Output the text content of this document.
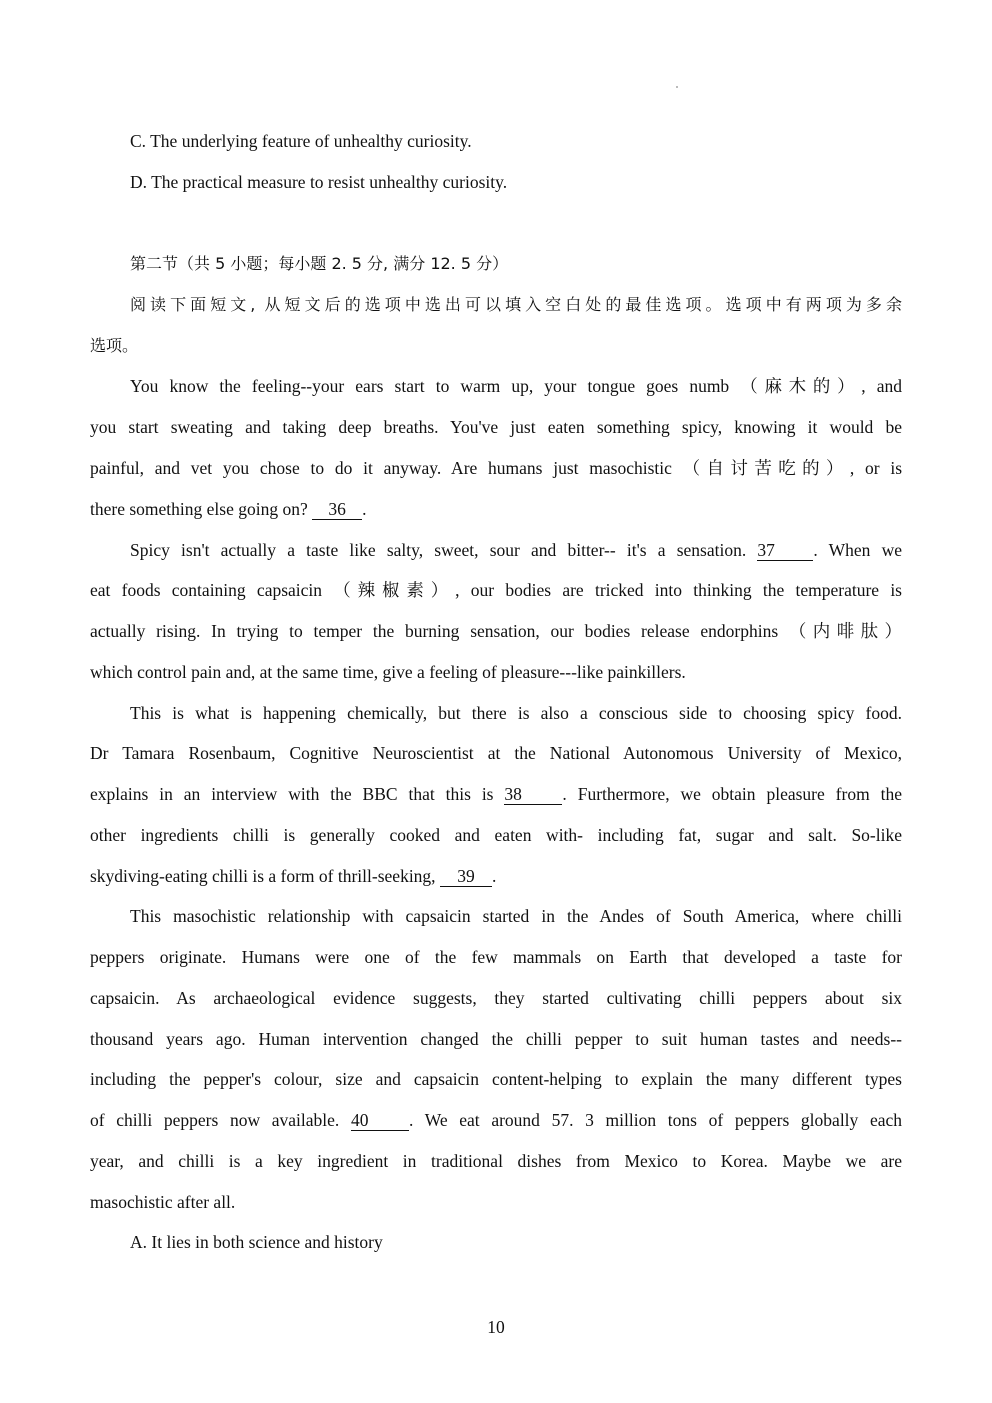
C. The underlying feature of unhealthy curiosity.
D. The practical measure to resist unhealthy curiosity.
第二节（共 5 小题；每小题 2. 5 分, 满分 12. 5 分）
阅读下面短文, 从短文后的选项中选出可以填入空白处的最佳选项。选项中有两项为多余
选项。
You know the feeling--your ears start to warm up, your tongue goes numb （麻木的）, and
you start sweating and taking deep breaths. You've just eaten something spicy, knowing it would be
painful, and vet you chose to do it anyway. Are humans just masochistic （自讨苦吃的）, or is
there something else going on? 36 .
Spicy isn't actually a taste like salty, sweet, sour and bitter-- it's a sensation. 37 . When we
eat foods containing capsaicin （辣椒素）, our bodies are tricked into thinking the temperature is
actually rising. In trying to temper the burning sensation, our bodies release endorphins （内啡肽）
which control pain and, at the same time, give a feeling of pleasure---like painkillers.
This is what is happening chemically, but there is also a conscious side to choosing spicy food.
Dr Tamara Rosenbaum, Cognitive Neuroscientist at the National Autonomous University of Mexico,
explains in an interview with the BBC that this is 38 . Furthermore, we obtain pleasure from the
other ingredients chilli is generally cooked and eaten with- including fat, sugar and salt. So-like
skydiving-eating chilli is a form of thrill-seeking, 39 .
This masochistic relationship with capsaicin started in the Andes of South America, where chilli
peppers originate. Humans were one of the few mammals on Earth that developed a taste for
capsaicin. As archaeological evidence suggests, they started cultivating chilli peppers about six
thousand years ago. Human intervention changed the chilli pepper to suit human tastes and needs--
including the pepper's colour, size and capsaicin content-helping to explain the many different types
of chilli peppers now available. 40 . We eat around 57. 3 million tons of peppers globally each
year, and chilli is a key ingredient in traditional dishes from Mexico to Korea. Maybe we are
masochistic after all.
A. It lies in both science and history
10
